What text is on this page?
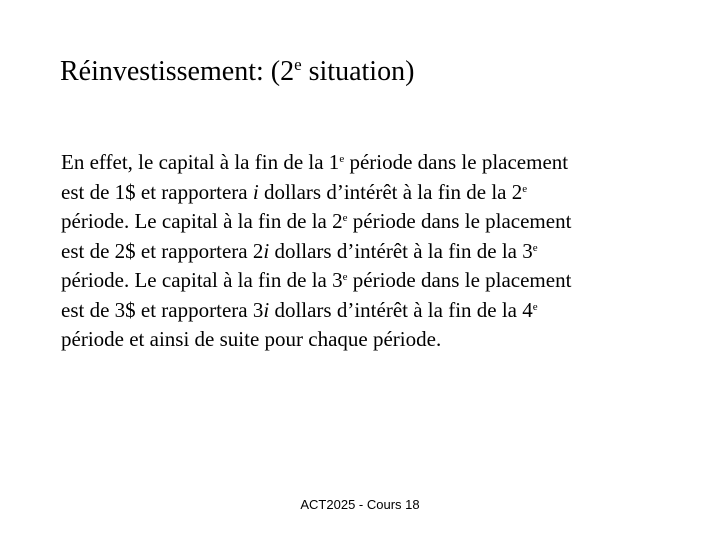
Réinvestissement: (2e situation)
En effet, le capital à la fin de la 1e période dans le placement
est de 1$ et rapportera i dollars d’intérêt à la fin de la 2e
période. Le capital à la fin de la 2e période dans le placement
est de 2$ et rapportera 2i dollars d’intérêt à la fin de la 3e
période. Le capital à la fin de la 3e période dans le placement
est de 3$ et rapportera 3i dollars d’intérêt à la fin de la 4e
période et ainsi de suite pour chaque période.
ACT2025 - Cours 18
